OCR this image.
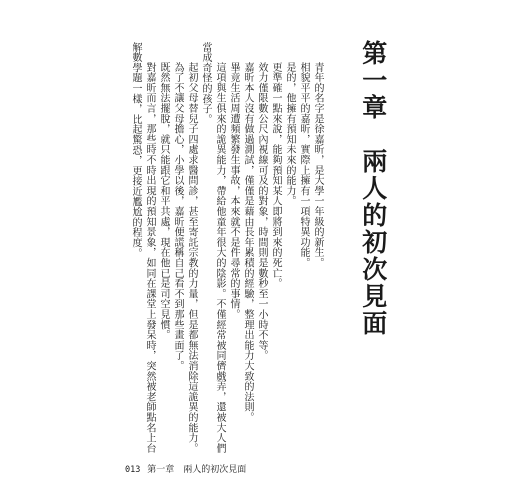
第一章　兩人的初次見面

青年的名字是徐嘉昕，是大學一年級的新生。

相貌平平的嘉昕，實際上擁有一項特異功能。

是的，他擁有預知未來的能力。

更準確一點來說，能夠預知某人即將到來的死亡。

效力僅限數公尺內視線可及的對象，時間則是數秒至一小時不等。

嘉昕本人沒有做過測試，僅僅是藉由長年累積的經驗，整理出能力大致的法則。

畢竟生活周遭頻繁發生事故，本來就不是件尋常的事情。

這項與生俱來的詭異能力，帶給他童年很大的陰影。不僅經常被同儕戲弄，還被大人們當成奇怪的孩子。

起初父母替兒子四處求醫問診，甚至寄託宗教的力量，但是都無法消除這詭異的能力。

為了不讓父母擔心，小學以後，嘉昕便謊稱自己看不到那些畫面了。

既然無法擺脫，就只能跟它和平共處，現在他已是司空見慣。

對嘉昕而言，那些時不時出現的預知景象，如同在課堂上發呆時，突然被老師點名上台解數學題一樣，比起驚恐，更接近尷尬的程度。

013 第一章　兩人的初次見面
